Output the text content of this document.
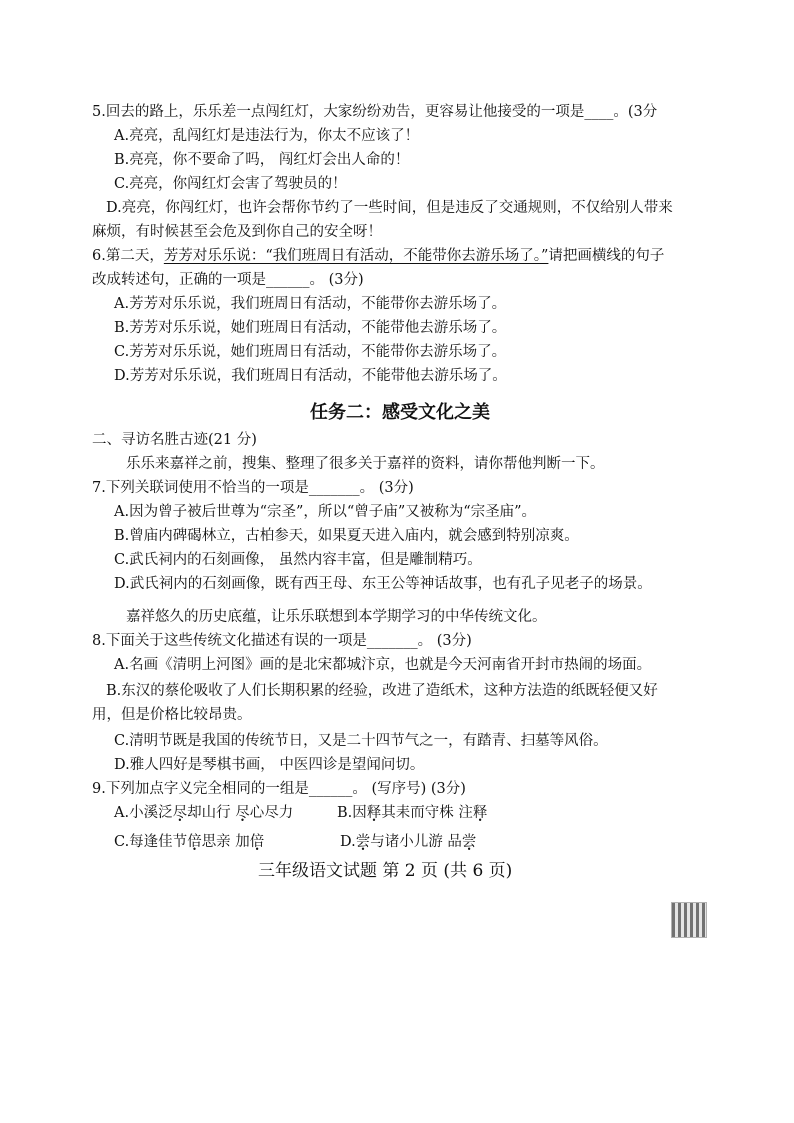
5.回去的路上，乐乐差一点闯红灯，大家纷纷劝告，更容易让他接受的一项是____。(3分
A.亮亮，乱闯红灯是违法行为，你太不应该了！
B.亮亮，你不要命了吗， 闯红灯会出人命的！
C.亮亮，你闯红灯会害了驾驶员的！
D.亮亮，你闯红灯，也许会帮你节约了一些时间，但是违反了交通规则，不仅给别人带来
麻烦，有时候甚至会危及到你自己的安全呀！
6.第二天，芳芳对乐乐说：“我们班周日有活动，不能带你去游乐场了。”请把画横线的句子
改成转述句，正确的一项是______。 (3分)
A.芳芳对乐乐说，我们班周日有活动，不能带你去游乐场了。
B.芳芳对乐乐说，她们班周日有活动，不能带他去游乐场了。
C.芳芳对乐乐说，她们班周日有活动，不能带你去游乐场了。
D.芳芳对乐乐说，我们班周日有活动，不能带他去游乐场了。
任务二：感受文化之美
二、寻访名胜古迹(21 分)
乐乐来嘉祥之前，搜集、整理了很多关于嘉祥的资料，请你帮他判断一下。
7.下列关联词使用不恰当的一项是_______。 (3分)
A.因为曾子被后世尊为“宗圣”，所以“曾子庙”又被称为“宗圣庙”。
B.曾庙内碑碣林立，古柏参天，如果夏天进入庙内，就会感到特别凉爽。
C.武氏祠内的石刻画像， 虽然内容丰富，但是雕制精巧。
D.武氏祠内的石刻画像，既有西王母、东王公等神话故事，也有孔子见老子的场景。
嘉祥悠久的历史底蕴，让乐乐联想到本学期学习的中华传统文化。
8.下面关于这些传统文化描述有误的一项是_______。 (3分)
A.名画《清明上河图》画的是北宋都城汴京，也就是今天河南省开封市热闹的场面。
B.东汉的蔡伦吸收了人们长期积累的经验，改进了造纸术，这种方法造的纸既轻便又好
用，但是价格比较昂贵。
C.清明节既是我国的传统节日，又是二十四节气之一，有踏青、扫墓等风俗。
D.雅人四好是琴棋书画， 中医四诊是望闻问切。
9.下列加点字义完全相同的一组是______。 (写序号) (3分)
A.小溪泛尽却山行 尽心尽力	B.因释其耒而守株 注释
C.每逢佳节倍思亲 加倍	D.尝与诸小儿游 品尝
三年级语文试题 第 2 页 (共 6 页)
